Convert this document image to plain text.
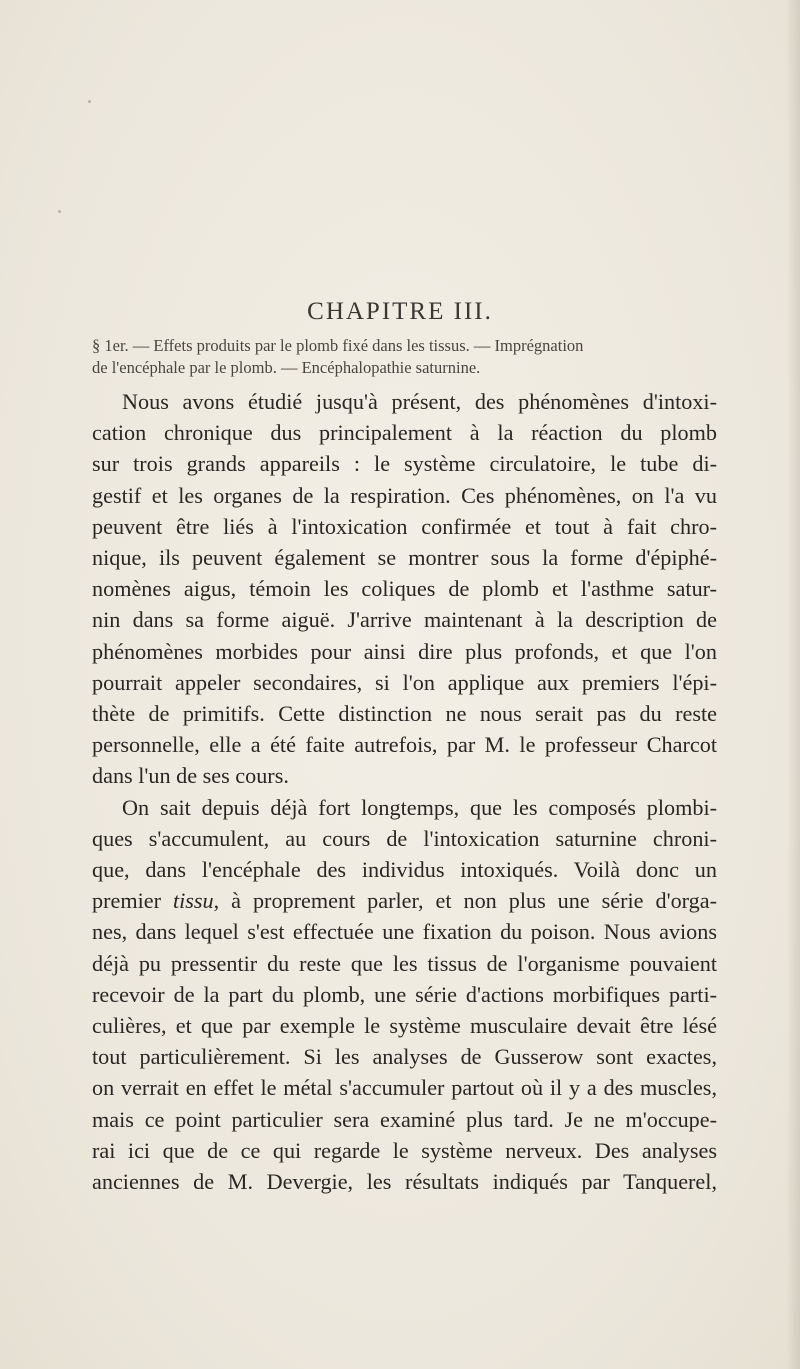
CHAPITRE III.
§ 1er. — Effets produits par le plomb fixé dans les tissus. — Imprégnation
de l'encéphale par le plomb. — Encéphalopathie saturnine.
Nous avons étudié jusqu'à présent, des phénomènes d'intoxi-
cation chronique dus principalement à la réaction du plomb
sur trois grands appareils : le système circulatoire, le tube di-
gestif et les organes de la respiration. Ces phénomènes, on l'a vu
peuvent être liés à l'intoxication confirmée et tout à fait chro-
nique, ils peuvent également se montrer sous la forme d'épiphé-
nomènes aigus, témoin les coliques de plomb et l'asthme satur-
nin dans sa forme aiguë. J'arrive maintenant à la description de
phénomènes morbides pour ainsi dire plus profonds, et que l'on
pourrait appeler secondaires, si l'on applique aux premiers l'épi-
thète de primitifs. Cette distinction ne nous serait pas du reste
personnelle, elle a été faite autrefois, par M. le professeur Charcot
dans l'un de ses cours.
On sait depuis déjà fort longtemps, que les composés plombi-
ques s'accumulent, au cours de l'intoxication saturnine chroni-
que, dans l'encéphale des individus intoxiqués. Voilà donc un
premier tissu, à proprement parler, et non plus une série d'orga-
nes, dans lequel s'est effectuée une fixation du poison. Nous avions
déjà pu pressentir du reste que les tissus de l'organisme pouvaient
recevoir de la part du plomb, une série d'actions morbifiques parti-
culières, et que par exemple le système musculaire devait être lésé
tout particulièrement. Si les analyses de Gusserow sont exactes,
on verrait en effet le métal s'accumuler partout où il y a des muscles,
mais ce point particulier sera examiné plus tard. Je ne m'occupe-
rai ici que de ce qui regarde le système nerveux. Des analyses
anciennes de M. Devergie, les résultats indiqués par Tanquerel,
